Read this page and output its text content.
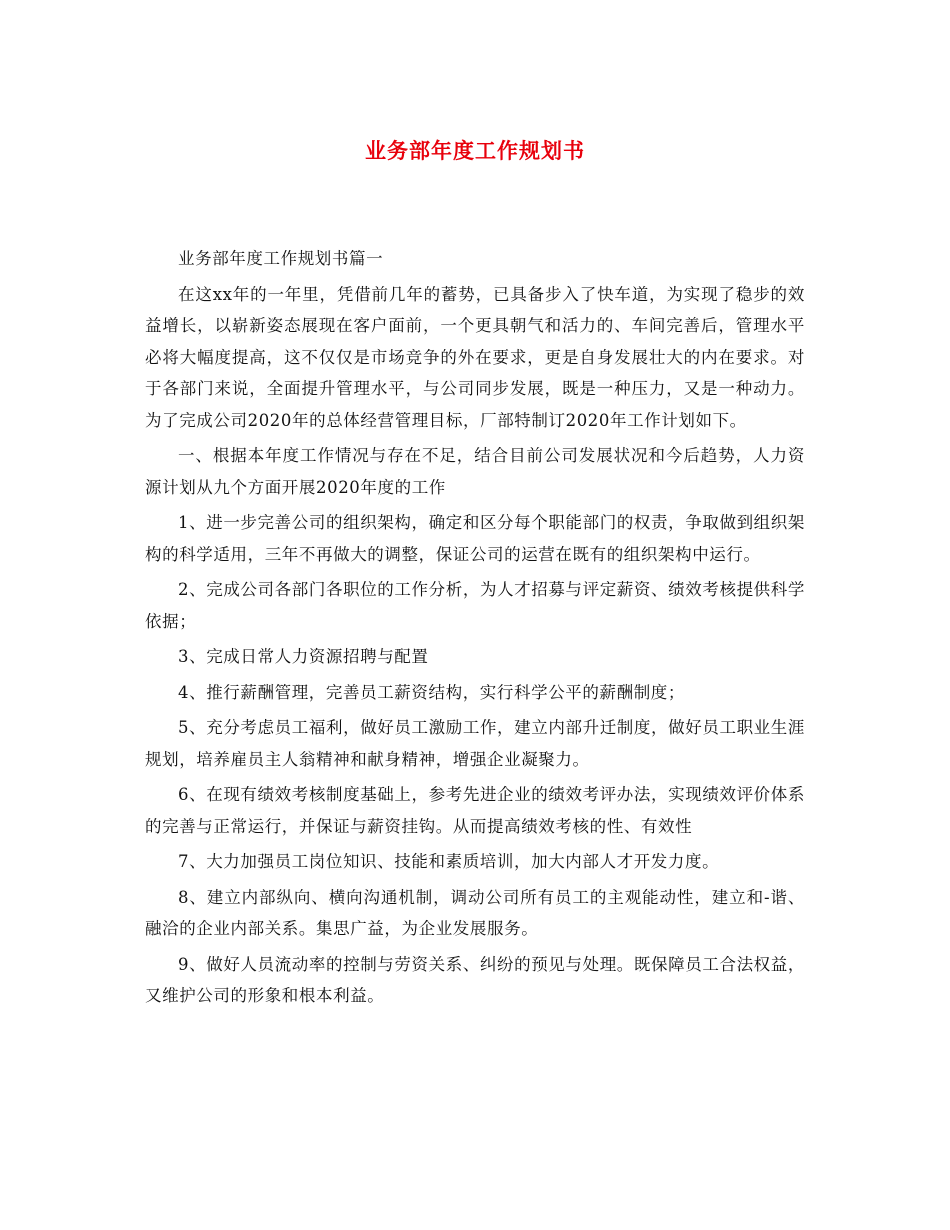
业务部年度工作规划书

业务部年度工作规划书篇一

在这xx年的一年里，凭借前几年的蓄势，已具备步入了快车道，为实现了稳步的效益增长，以崭新姿态展现在客户面前，一个更具朝气和活力的、车间完善后，管理水平必将大幅度提高，这不仅仅是市场竞争的外在要求，更是自身发展壮大的内在要求。对于各部门来说，全面提升管理水平，与公司同步发展，既是一种压力，又是一种动力。为了完成公司2020年的总体经营管理目标，厂部特制订2020年工作计划如下。

一、根据本年度工作情况与存在不足，结合目前公司发展状况和今后趋势，人力资源计划从九个方面开展2020年度的工作

1、进一步完善公司的组织架构，确定和区分每个职能部门的权责，争取做到组织架构的科学适用，三年不再做大的调整，保证公司的运营在既有的组织架构中运行。

2、完成公司各部门各职位的工作分析，为人才招募与评定薪资、绩效考核提供科学依据；

3、完成日常人力资源招聘与配置

4、推行薪酬管理，完善员工薪资结构，实行科学公平的薪酬制度；

5、充分考虑员工福利，做好员工激励工作，建立内部升迁制度，做好员工职业生涯规划，培养雇员主人翁精神和献身精神，增强企业凝聚力。

6、在现有绩效考核制度基础上，参考先进企业的绩效考评办法，实现绩效评价体系的完善与正常运行，并保证与薪资挂钩。从而提高绩效考核的性、有效性

7、大力加强员工岗位知识、技能和素质培训，加大内部人才开发力度。

8、建立内部纵向、横向沟通机制，调动公司所有员工的主观能动性，建立和-谐、融洽的企业内部关系。集思广益，为企业发展服务。

9、做好人员流动率的控制与劳资关系、纠纷的预见与处理。既保障员工合法权益，又维护公司的形象和根本利益。
